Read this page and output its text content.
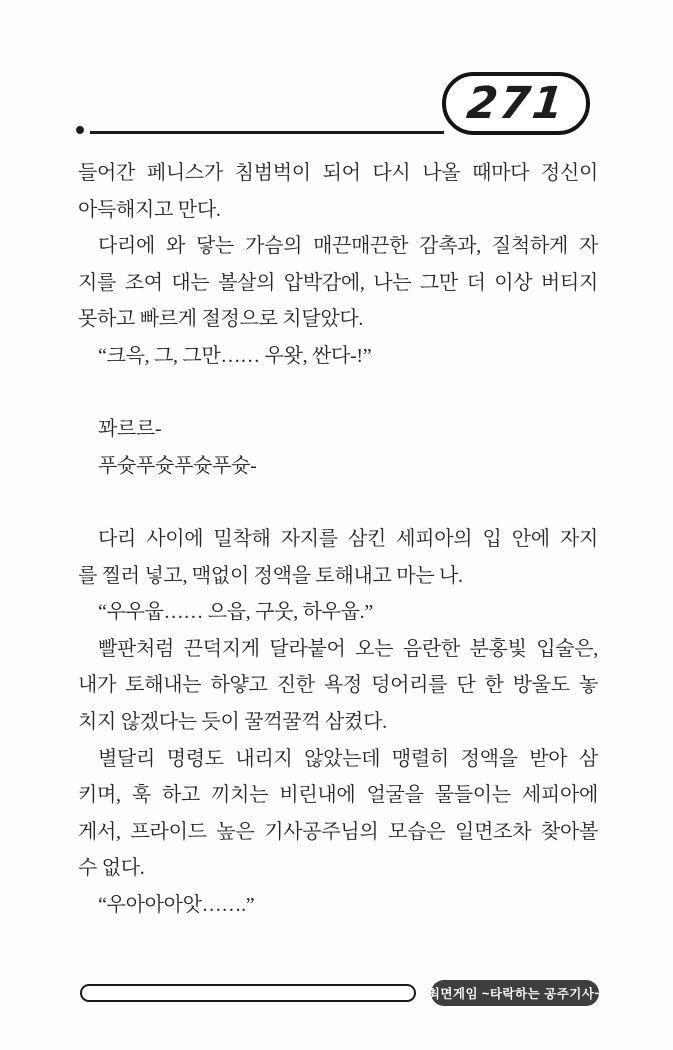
271
들어간 페니스가 침범벅이 되어 다시 나올 때마다 정신이
아득해지고 만다.
다리에 와 닿는 가슴의 매끈매끈한 감촉과, 질척하게 자
지를 조여 대는 볼살의 압박감에, 나는 그만 더 이상 버티지
못하고 빠르게 절정으로 치달았다.
“크윽, 그, 그만…… 우왓, 싼다-!”
꽈르르-
푸슛푸슛푸슛푸슛-
다리 사이에 밀착해 자지를 삼킨 세피아의 입 안에 자지
를 찔러 넣고, 맥없이 정액을 토해내고 마는 나.
“우우웁…… 으읍, 구웃, 하우웁.”
빨판처럼 끈덕지게 달라붙어 오는 음란한 분홍빛 입술은,
내가 토해내는 하얗고 진한 욕정 덩어리를 단 한 방울도 놓
치지 않겠다는 듯이 꿀꺽꿀꺽 삼켰다.
별달리 명령도 내리지 않았는데 맹렬히 정액을 받아 삼
키며, 훅 하고 끼치는 비린내에 얼굴을 물들이는 세피아에
게서, 프라이드 높은 기사공주님의 모습은 일면조차 찾아볼
수 없다.
“우아아아앗…….”
최면게임 ~타락하는 공주기사~
